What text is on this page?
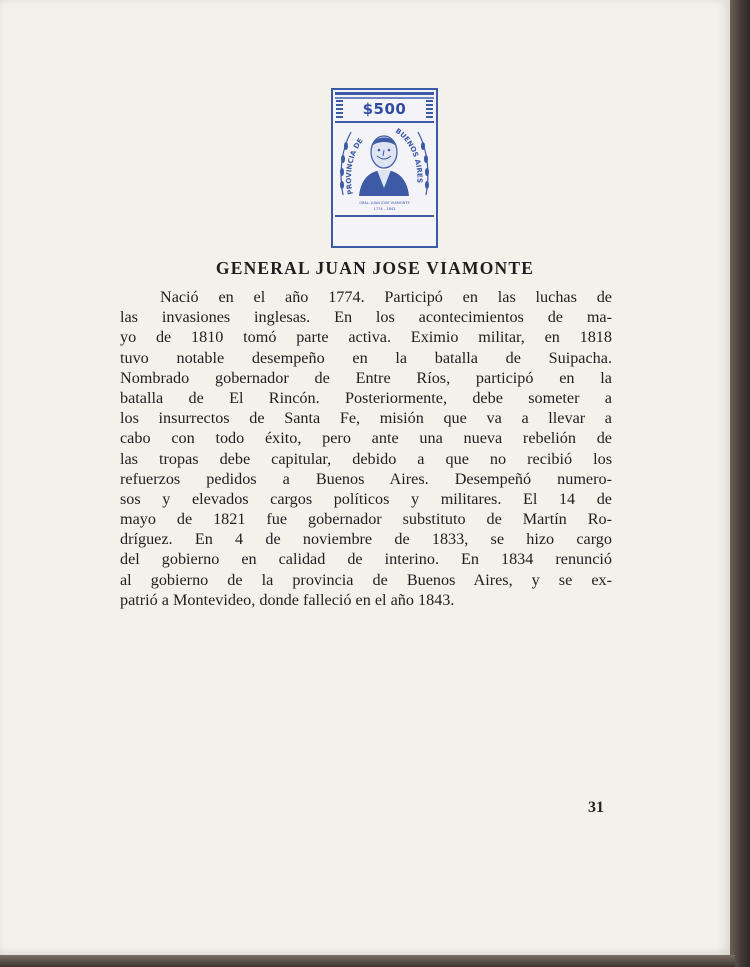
GRAL. JUAN JOSE VIAMONTE
1774 - 1843
PROVINCIA DE
BUENOS AIRES
$500
GENERAL JUAN JOSE VIAMONTE
Nació en el año 1774. Participó en las luchas de
las invasiones inglesas. En los acontecimientos de ma-
yo de 1810 tomó parte activa. Eximio militar, en 1818
tuvo notable desempeño en la batalla de Suipacha.
Nombrado gobernador de Entre Ríos, participó en la
batalla de El Rincón. Posteriormente, debe someter a
los insurrectos de Santa Fe, misión que va a llevar a
cabo con todo éxito, pero ante una nueva rebelión de
las tropas debe capitular, debido a que no recibió los
refuerzos pedidos a Buenos Aires. Desempeñó numero-
sos y elevados cargos políticos y militares. El 14 de
mayo de 1821 fue gobernador substituto de Martín Ro-
dríguez. En 4 de noviembre de 1833, se hizo cargo
del gobierno en calidad de interino. En 1834 renunció
al gobierno de la provincia de Buenos Aires, y se ex-
patrió a Montevideo, donde falleció en el año 1843.
31
